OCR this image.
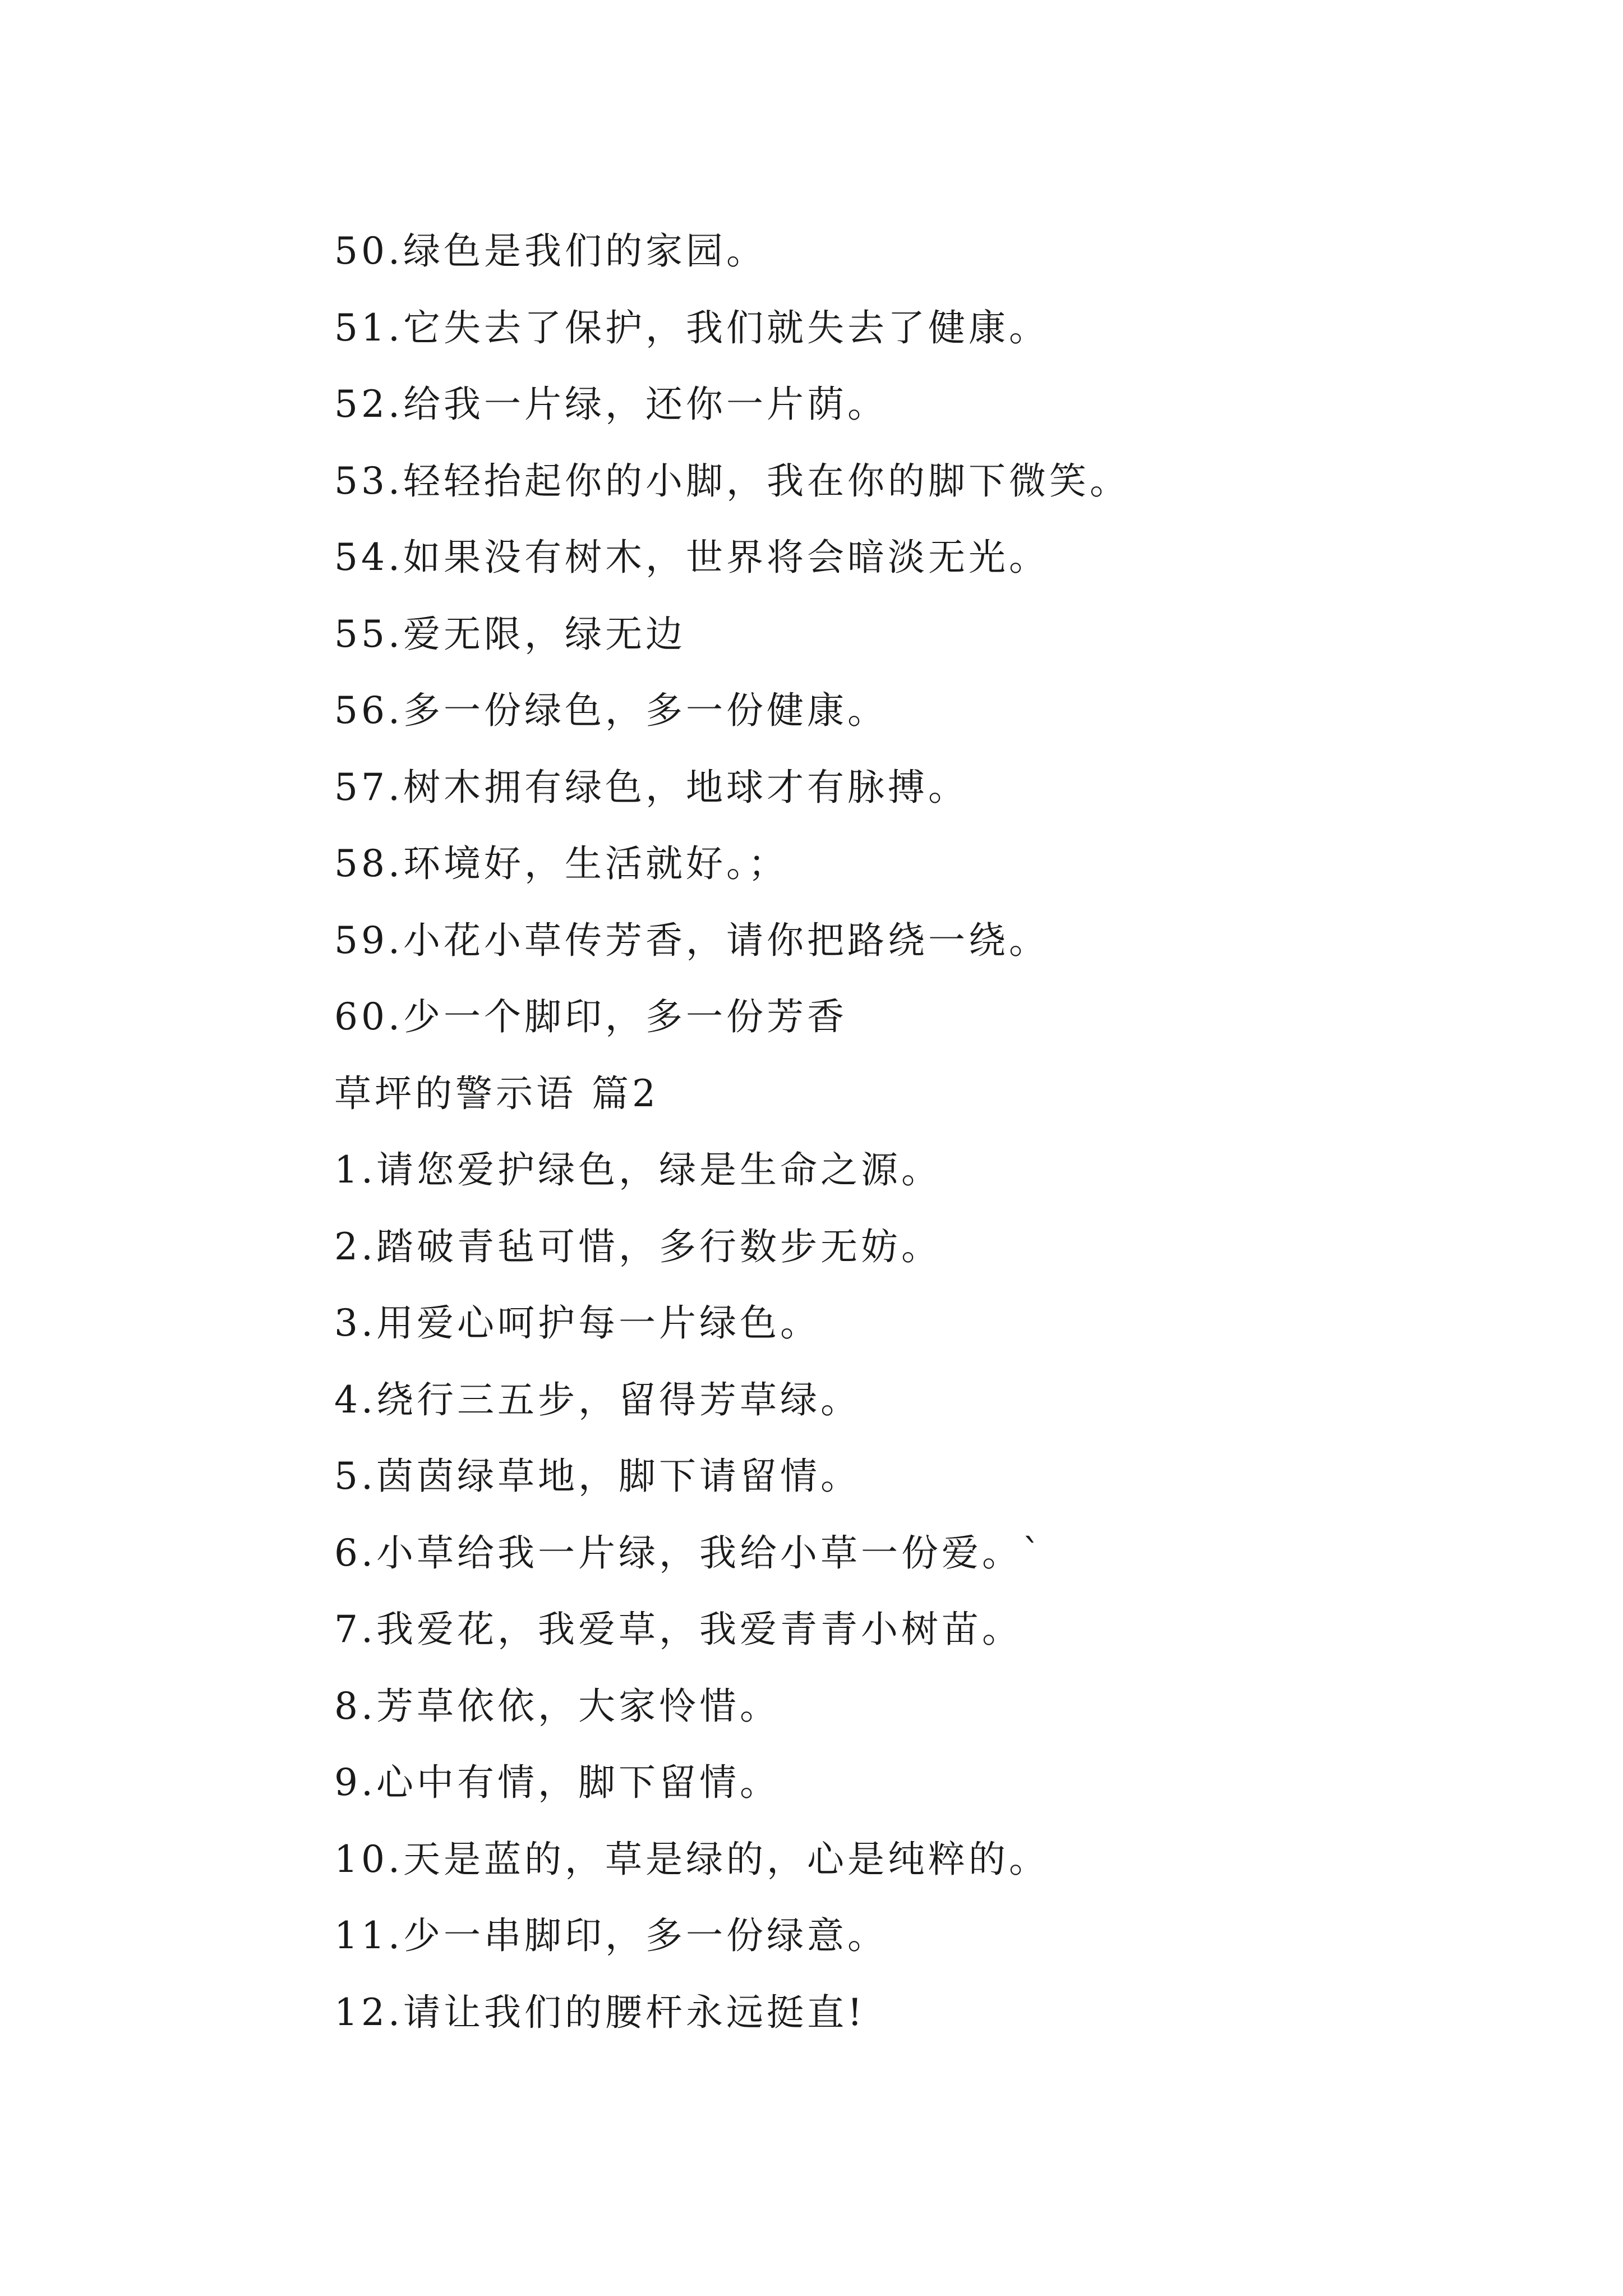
50.绿色是我们的家园。
51.它失去了保护，我们就失去了健康。
52.给我一片绿，还你一片荫。
53.轻轻抬起你的小脚，我在你的脚下微笑。
54.如果没有树木，世界将会暗淡无光。
55.爱无限，绿无边
56.多一份绿色，多一份健康。
57.树木拥有绿色，地球才有脉搏。
58.环境好，生活就好。；
59.小花小草传芳香，请你把路绕一绕。
60.少一个脚印，多一份芳香
草坪的警示语 篇2
1.请您爱护绿色，绿是生命之源。
2.踏破青毡可惜，多行数步无妨。
3.用爱心呵护每一片绿色。
4.绕行三五步，留得芳草绿。
5.茵茵绿草地，脚下请留情。
6.小草给我一片绿，我给小草一份爱。`
7.我爱花，我爱草，我爱青青小树苗。
8.芳草依依，大家怜惜。
9.心中有情，脚下留情。
10.天是蓝的，草是绿的，心是纯粹的。
11.少一串脚印，多一份绿意。
12.请让我们的腰杆永远挺直!
